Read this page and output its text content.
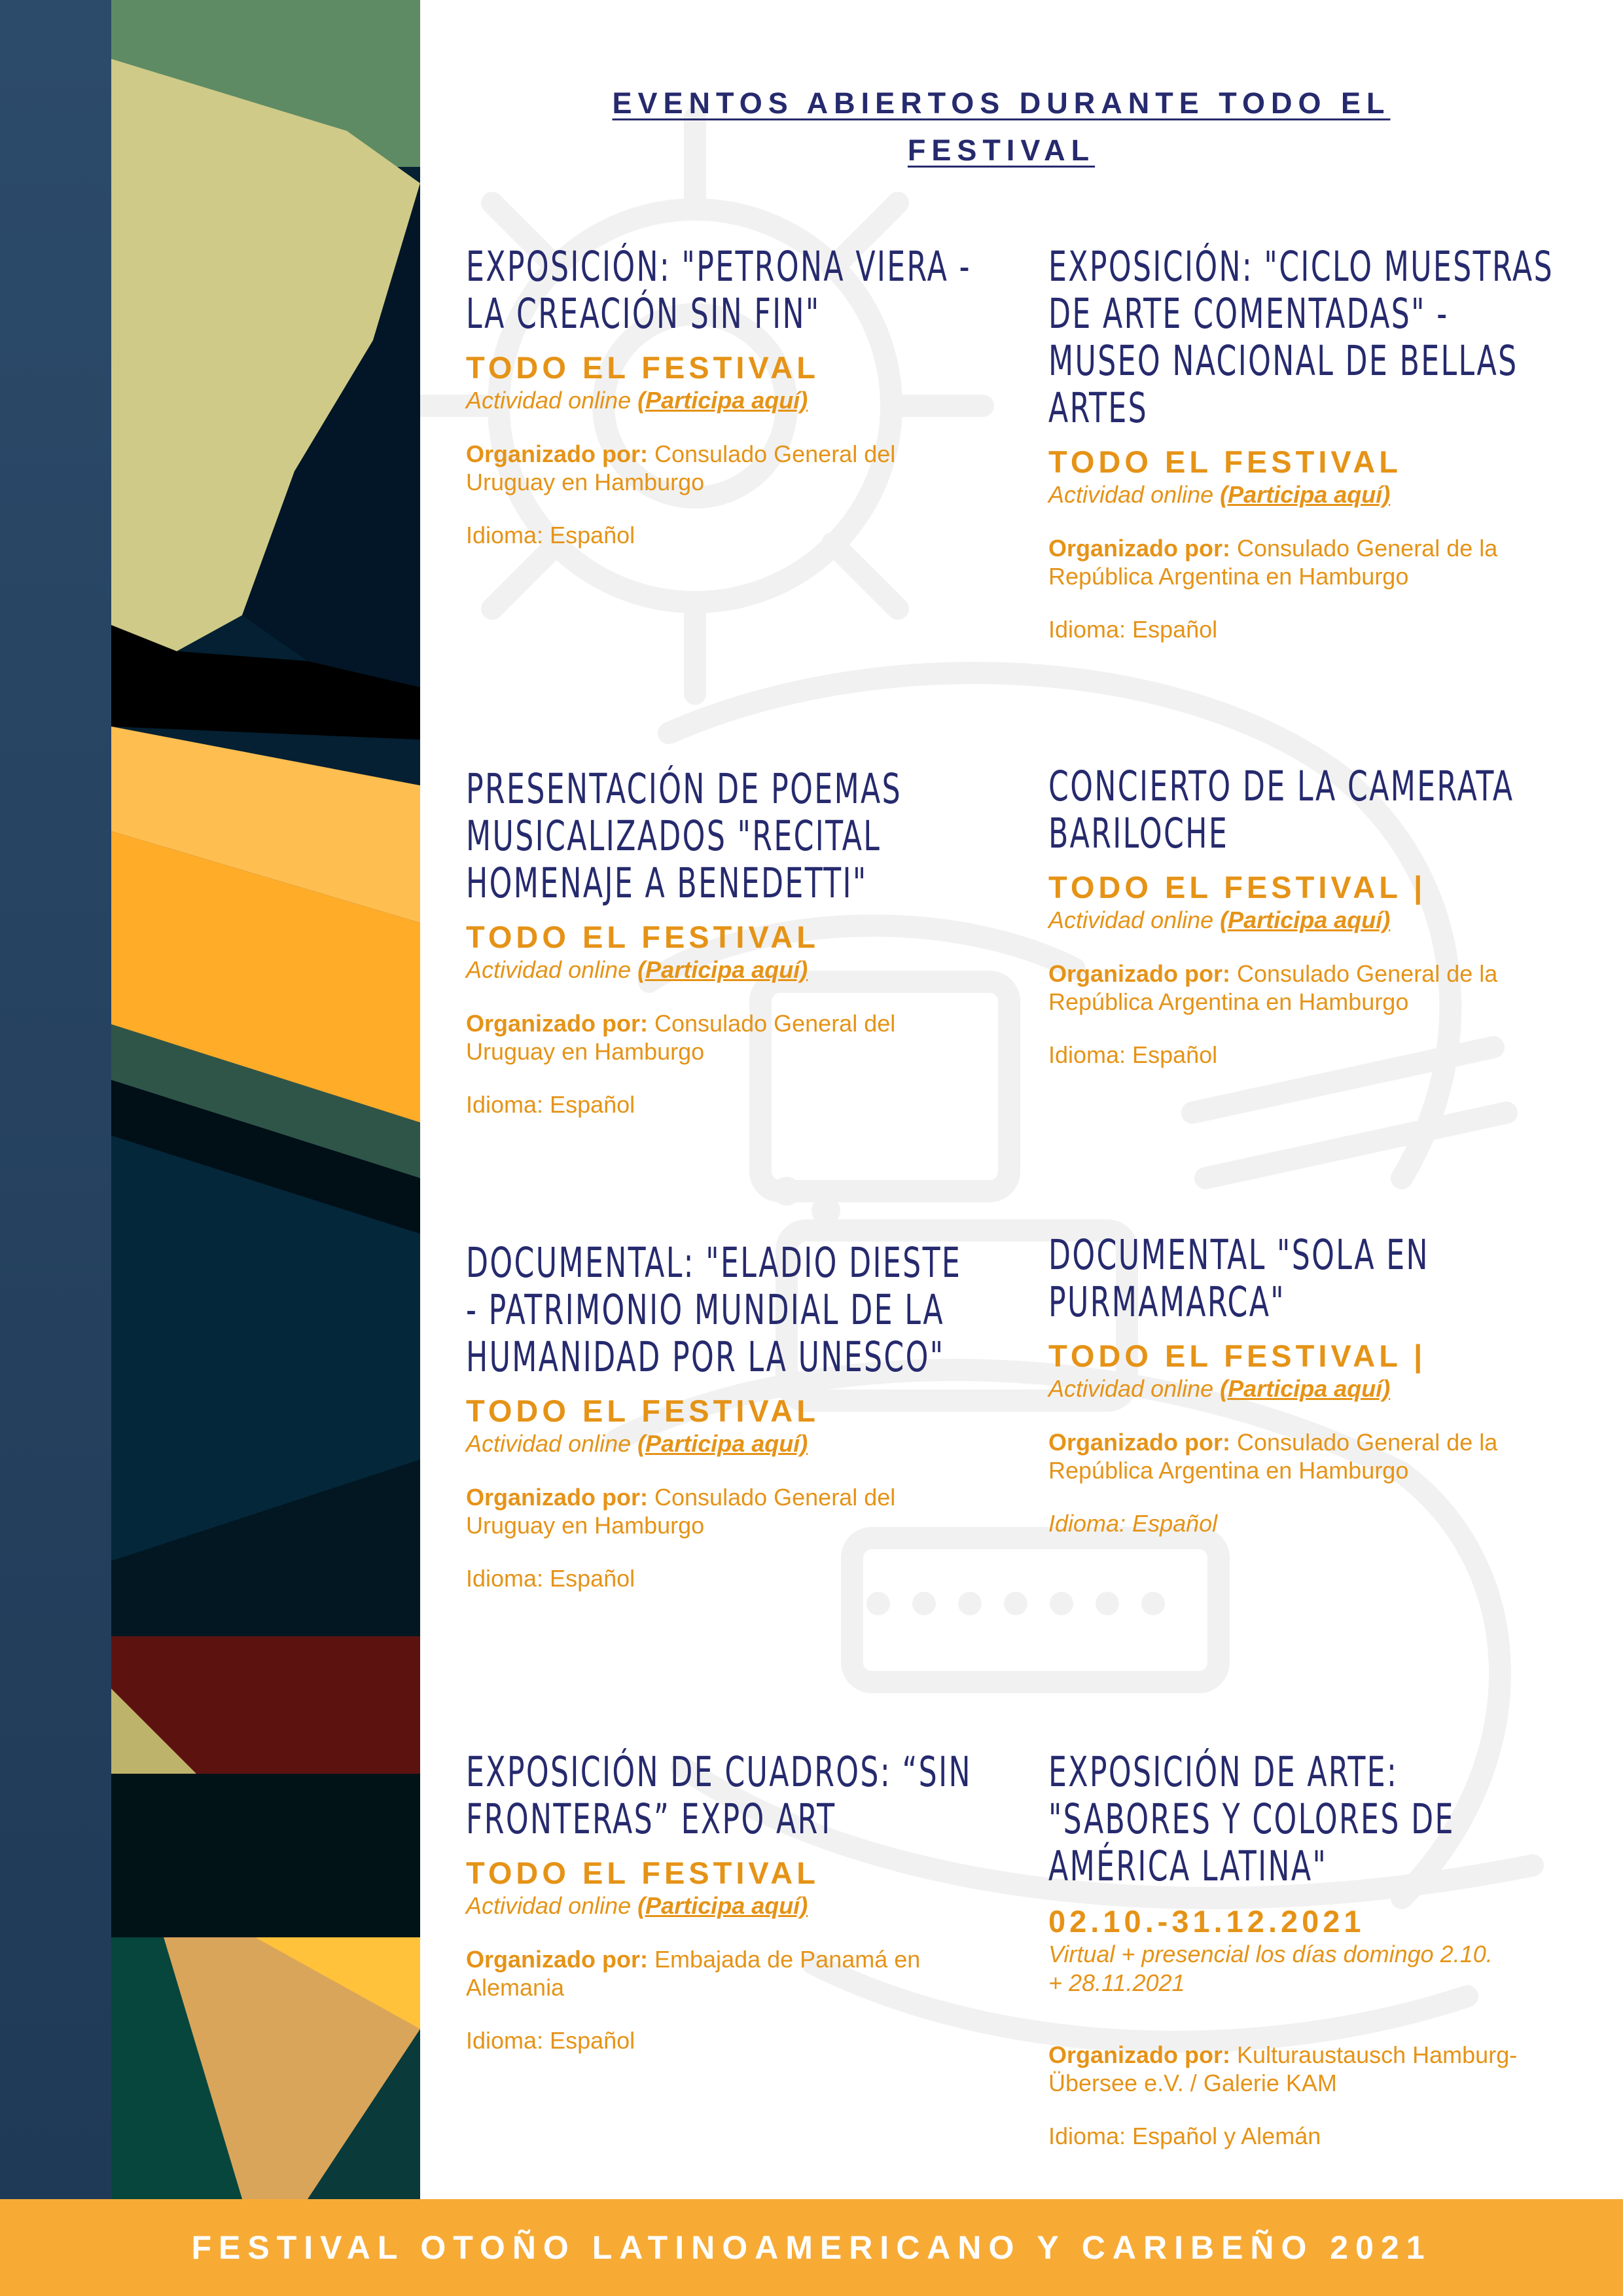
EVENTOS ABIERTOS DURANTE TODO EL FESTIVAL
EXPOSICIÓN: "PETRONA VIERA - LA CREACIÓN SIN FIN"

TODO EL FESTIVAL

Actividad online (Participa aquí)

Organizado por: Consulado General del Uruguay en Hamburgo

Idioma: Español

EXPOSICIÓN: "CICLO MUESTRAS DE ARTE COMENTADAS" - MUSEO NACIONAL DE BELLAS ARTES

TODO EL FESTIVAL

Actividad online (Participa aquí)

Organizado por: Consulado General de la República Argentina en Hamburgo

Idioma: Español

PRESENTACIÓN DE POEMAS MUSICALIZADOS "RECITAL HOMENAJE A BENEDETTI"

TODO EL FESTIVAL

Actividad online (Participa aquí)

Organizado por: Consulado General del Uruguay en Hamburgo

Idioma: Español

CONCIERTO DE LA CAMERATA BARILOCHE

TODO EL FESTIVAL |

Actividad online (Participa aquí)

Organizado por: Consulado General de la República Argentina en Hamburgo

Idioma: Español

DOCUMENTAL: "ELADIO DIESTE - PATRIMONIO MUNDIAL DE LA HUMANIDAD POR LA UNESCO"

TODO EL FESTIVAL

Actividad online (Participa aquí)

Organizado por: Consulado General del Uruguay en Hamburgo

Idioma: Español

DOCUMENTAL "SOLA EN PURMAMARCA"

TODO EL FESTIVAL |

Actividad online (Participa aquí)

Organizado por: Consulado General de la República Argentina en Hamburgo

Idioma: Español

EXPOSICIÓN DE CUADROS: “SIN FRONTERAS” EXPO ART

TODO EL FESTIVAL

Actividad online (Participa aquí)

Organizado por: Embajada de Panamá en Alemania

Idioma: Español

EXPOSICIÓN DE ARTE: "SABORES Y COLORES DE AMÉRICA LATINA"

02.10.-31.12.2021

Virtual + presencial los días domingo 2.10. + 28.11.2021

Organizado por: Kulturaustausch Hamburg-Übersee e.V. / Galerie KAM

Idioma: Español y Alemán

FESTIVAL OTOÑO LATINOAMERICANO Y CARIBEÑO 2021
